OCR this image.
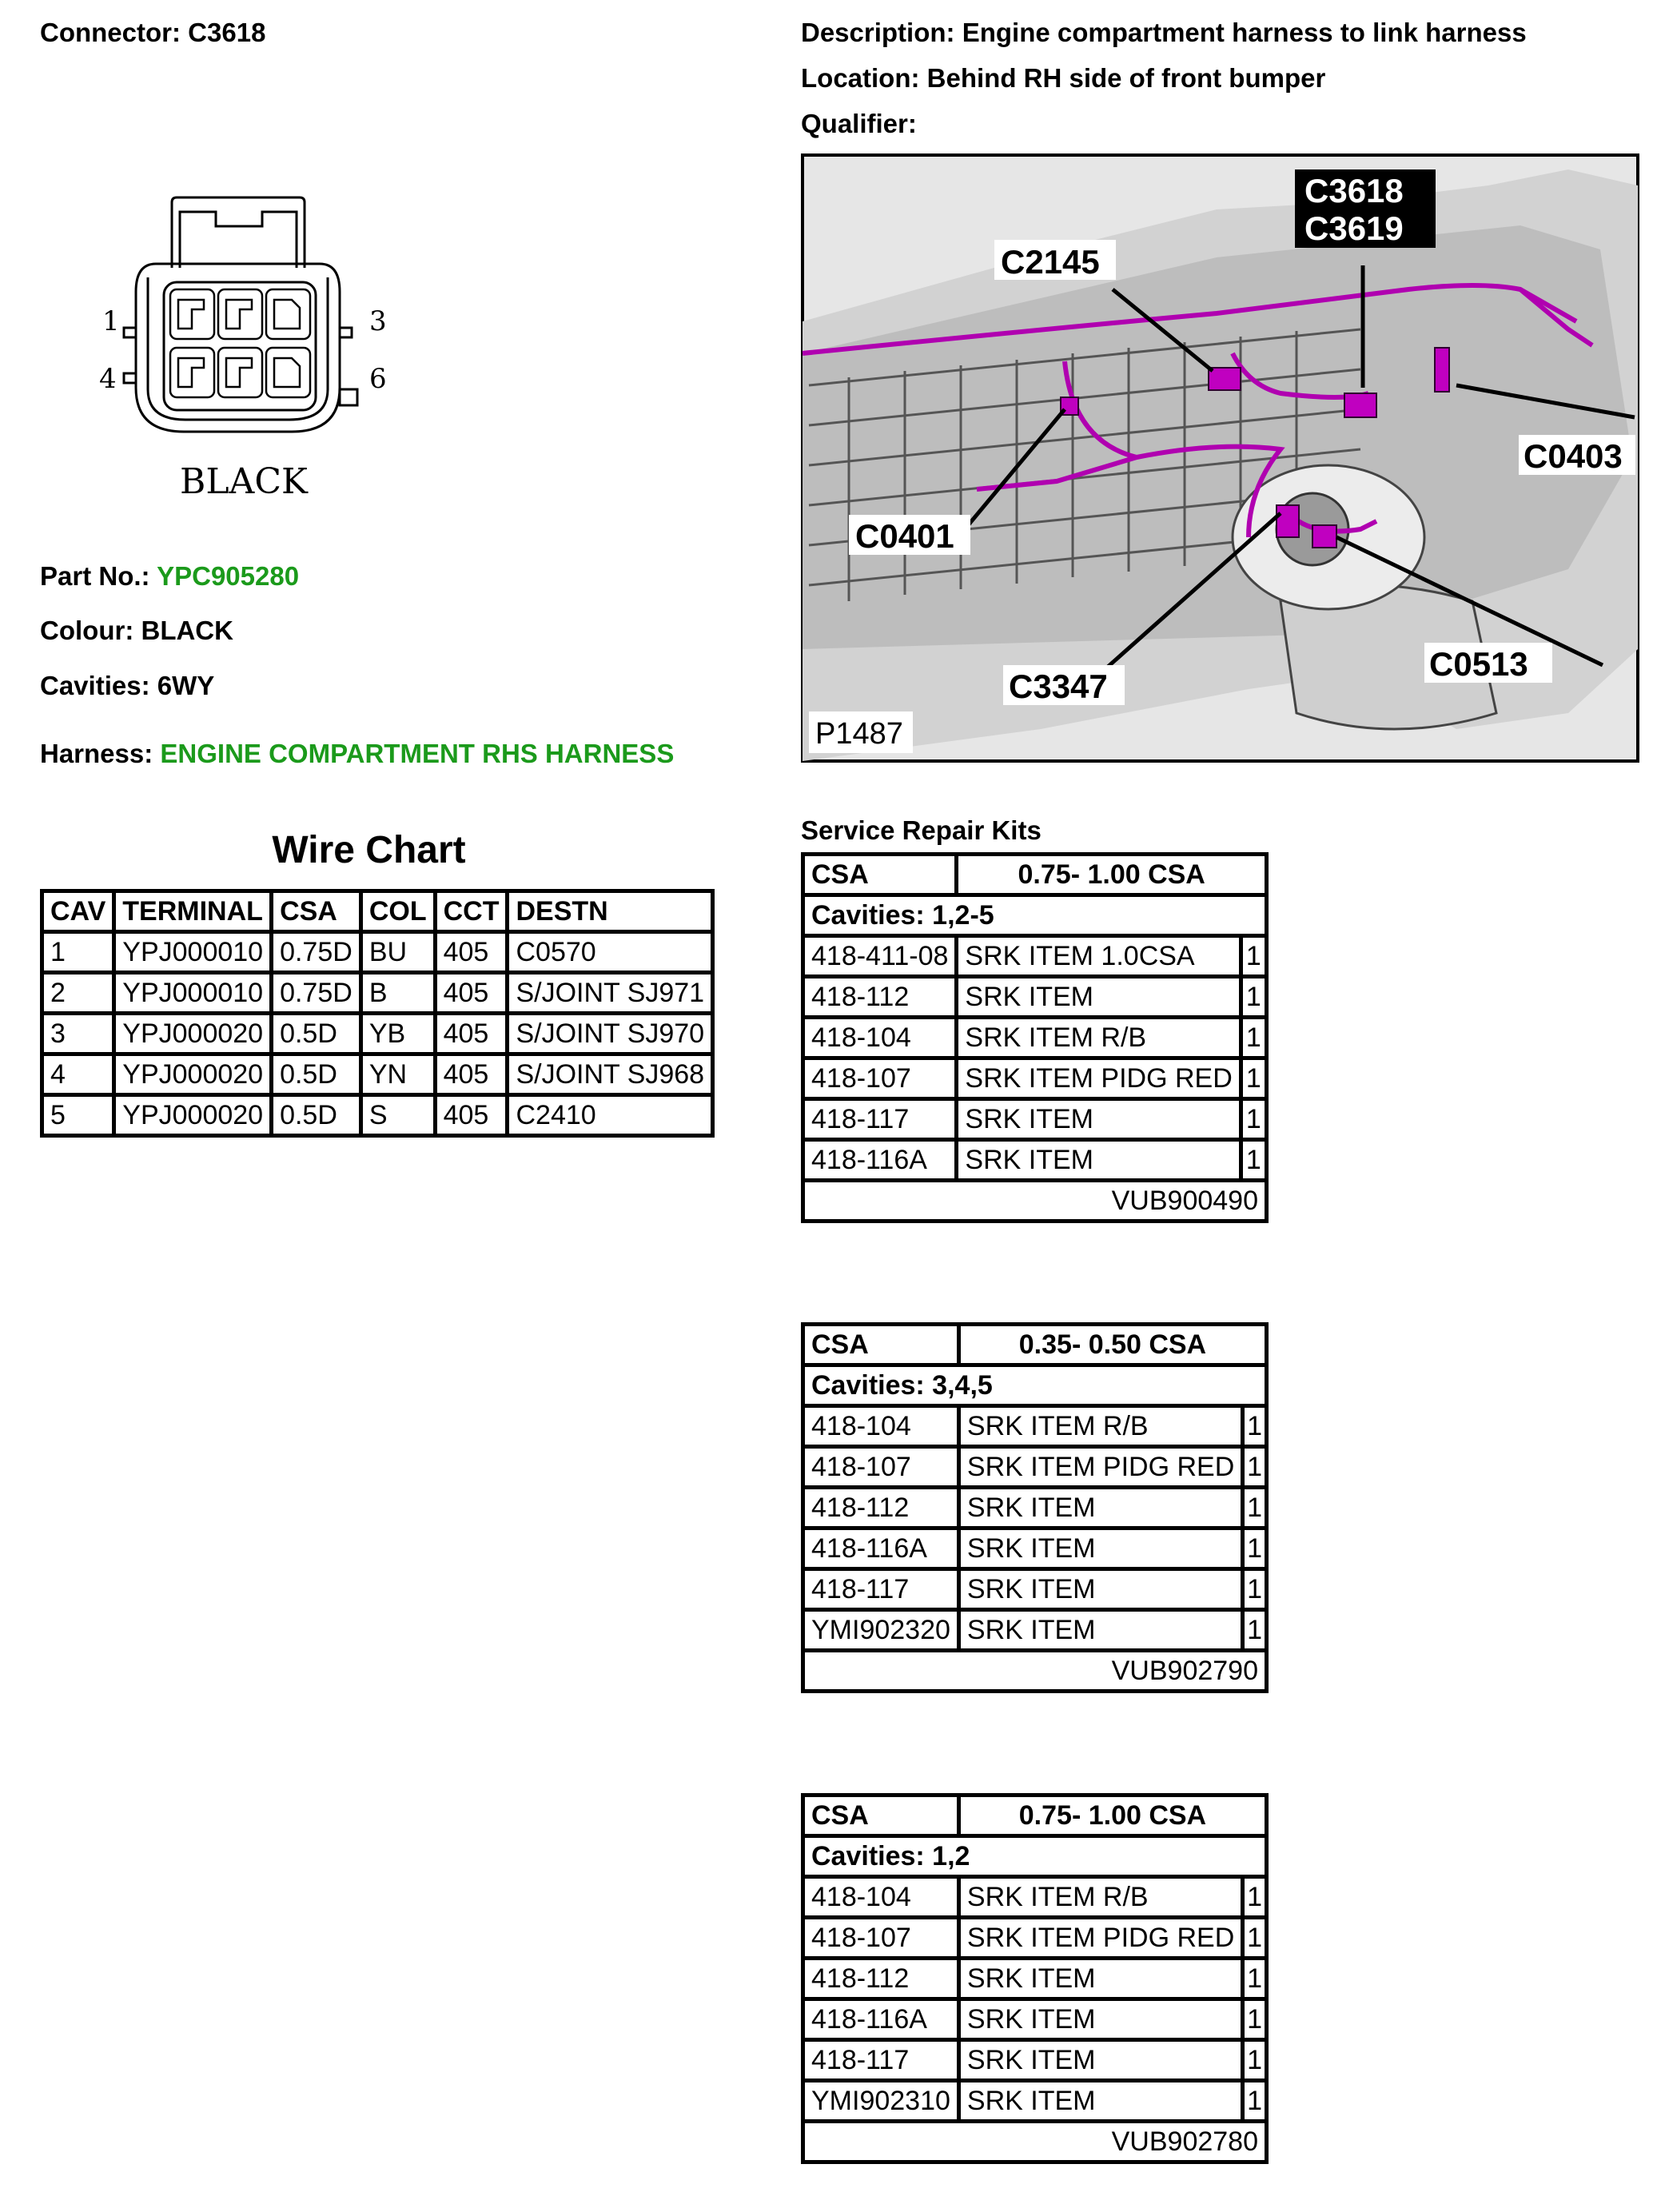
Connector: C3618
1	3
4	6
BLACK
Part No.: YPC905280
Colour: BLACK
Cavities: 6WY
Harness: ENGINE COMPARTMENT RHS HARNESS
Wire Chart
CAV	TERMINAL	CSA	COL	CCT	DESTN
1	YPJ000010	0.75D	BU	405	C0570
2	YPJ000010	0.75D	B	405	S/JOINT SJ971
3	YPJ000020	0.5D	YB	405	S/JOINT SJ970
4	YPJ000020	0.5D	YN	405	S/JOINT SJ968
5	YPJ000020	0.5D	S	405	C2410
Description: Engine compartment harness to link harness
Location: Behind RH side of front bumper
Qualifier:
C3618
C3619
C2145
C0403
C0401
C0513
C3347
P1487
Service Repair Kits
CSA	0.75- 1.00 CSA	
Cavities: 1,2-5		
418-411-08	SRK ITEM 1.0CSA	1
418-112	SRK ITEM	1
418-104	SRK ITEM R/B	1
418-107	SRK ITEM PIDG RED	1
418-117	SRK ITEM	1
418-116A	SRK ITEM	1
VUB900490		
CSA	0.35- 0.50 CSA	
Cavities: 3,4,5		
418-104	SRK ITEM R/B	1
418-107	SRK ITEM PIDG RED	1
418-112	SRK ITEM	1
418-116A	SRK ITEM	1
418-117	SRK ITEM	1
YMI902320	SRK ITEM	1
VUB902790		
CSA	0.75- 1.00 CSA	
Cavities: 1,2		
418-104	SRK ITEM R/B	1
418-107	SRK ITEM PIDG RED	1
418-112	SRK ITEM	1
418-116A	SRK ITEM	1
418-117	SRK ITEM	1
YMI902310	SRK ITEM	1
VUB902780		
